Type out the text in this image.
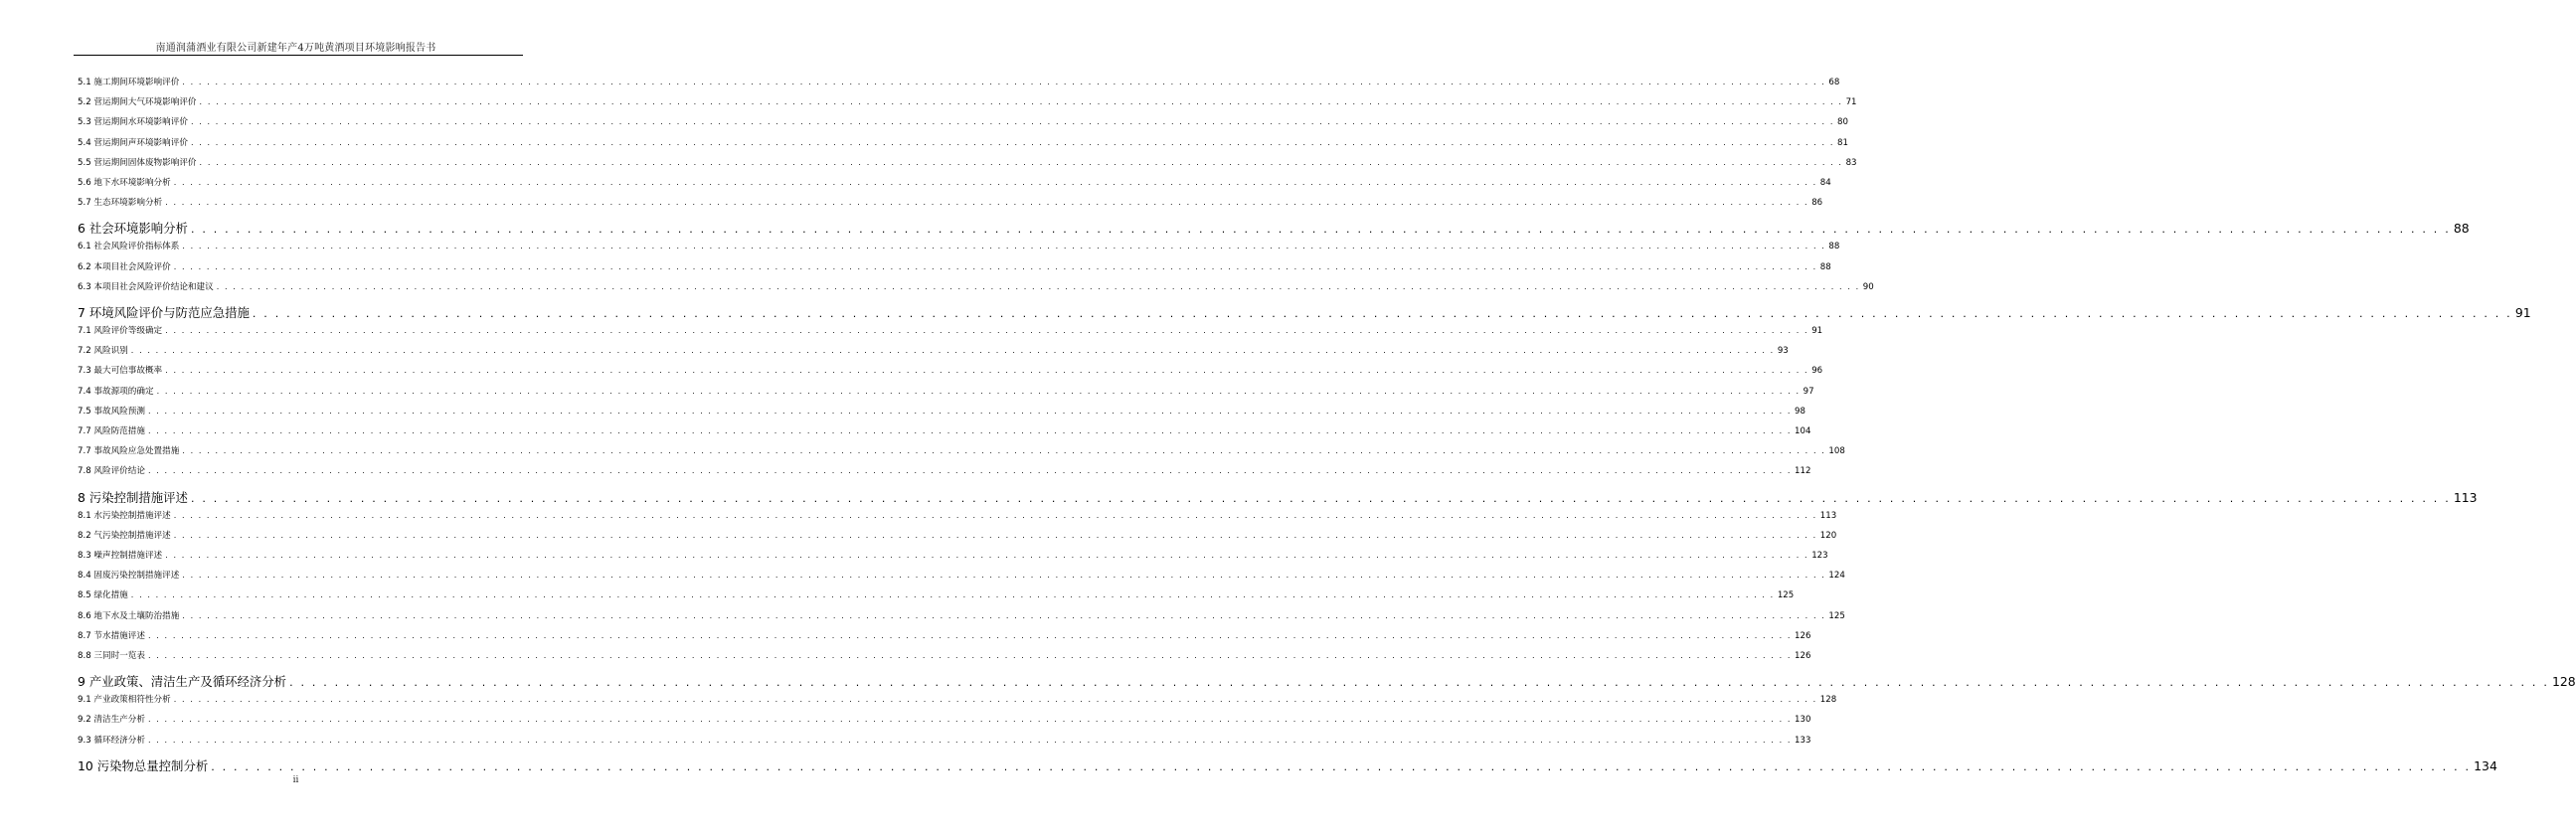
南通润蒲酒业有限公司新建年产4万吨黄酒项目环境影响报告书
5.1 施工期间环境影响评价 . . . . . . . . . . . . . . . . . . . . . . . . . . . . . . . . . . . . . . . . . . . . . . . . . . . . . . . . . . . . . . . . . . . . . . . . . . . . . . . . . . . . . . . . . . . . . . . . . . . . . . . . . . . . . . . . . . . . . . . . . . . . . . . . . . . . . . . . . . . . . . . . . . . . . . . . . . . . . . . . . . . . . . . . . . . . . . . . . . . . . . . . . . . . . . . . . . . . . . . . 68
5.2 营运期间大气环境影响评价 . . . . . . . . . . . . . . . . . . . . . . . . . . . . . . . . . . . . . . . . . . . . . . . . . . . . . . . . . . . . . . . . . . . . . . . . . . . . . . . . . . . . . . . . . . . . . . . . . . . . . . . . . . . . . . . . . . . . . . . . . . . . . . . . . . . . . . . . . . . . . . . . . . . . . . . . . . . . . . . . . . . . . . . . . . . . . . . . . . . . . . . . . . . . . . . . . . . . . . . . 71
5.3 营运期间水环境影响评价 . . . . . . . . . . . . . . . . . . . . . . . . . . . . . . . . . . . . . . . . . . . . . . . . . . . . . . . . . . . . . . . . . . . . . . . . . . . . . . . . . . . . . . . . . . . . . . . . . . . . . . . . . . . . . . . . . . . . . . . . . . . . . . . . . . . . . . . . . . . . . . . . . . . . . . . . . . . . . . . . . . . . . . . . . . . . . . . . . . . . . . . . . . . . . . . . . . . . . . . . 80
5.4 营运期间声环境影响评价 . . . . . . . . . . . . . . . . . . . . . . . . . . . . . . . . . . . . . . . . . . . . . . . . . . . . . . . . . . . . . . . . . . . . . . . . . . . . . . . . . . . . . . . . . . . . . . . . . . . . . . . . . . . . . . . . . . . . . . . . . . . . . . . . . . . . . . . . . . . . . . . . . . . . . . . . . . . . . . . . . . . . . . . . . . . . . . . . . . . . . . . . . . . . . . . . . . . . . . . . 81
5.5 营运期间固体废物影响评价 . . . . . . . . . . . . . . . . . . . . . . . . . . . . . . . . . . . . . . . . . . . . . . . . . . . . . . . . . . . . . . . . . . . . . . . . . . . . . . . . . . . . . . . . . . . . . . . . . . . . . . . . . . . . . . . . . . . . . . . . . . . . . . . . . . . . . . . . . . . . . . . . . . . . . . . . . . . . . . . . . . . . . . . . . . . . . . . . . . . . . . . . . . . . . . . . . . . . . . . . 83
5.6 地下水环境影响分析 . . . . . . . . . . . . . . . . . . . . . . . . . . . . . . . . . . . . . . . . . . . . . . . . . . . . . . . . . . . . . . . . . . . . . . . . . . . . . . . . . . . . . . . . . . . . . . . . . . . . . . . . . . . . . . . . . . . . . . . . . . . . . . . . . . . . . . . . . . . . . . . . . . . . . . . . . . . . . . . . . . . . . . . . . . . . . . . . . . . . . . . . . . . . . . . . . . . . . . . . 84
5.7 生态环境影响分析 . . . . . . . . . . . . . . . . . . . . . . . . . . . . . . . . . . . . . . . . . . . . . . . . . . . . . . . . . . . . . . . . . . . . . . . . . . . . . . . . . . . . . . . . . . . . . . . . . . . . . . . . . . . . . . . . . . . . . . . . . . . . . . . . . . . . . . . . . . . . . . . . . . . . . . . . . . . . . . . . . . . . . . . . . . . . . . . . . . . . . . . . . . . . . . . . . . . . . . . . 86
6 社会环境影响分析 . . . . . . . . . . . . . . . . . . . . . . . . . . . . . . . . . . . . . . . . . . . . . . . . . . . . . . . . . . . . . . . . . . . . . . . . . . . . . . . . . . . . . . . . . . . . . . . . . . . . . . . . . . . . . . . . . . . . . . . . . . . . . . . . . . . . . . . . . . . . . . . . . . . . . . . . . . . . . . . . . . . . . . . . . . . . . . . . . . . . . . . . . . . . . . . . . . . . . . . . 88
6.1 社会风险评价指标体系 . . . . . . . . . . . . . . . . . . . . . . . . . . . . . . . . . . . . . . . . . . . . . . . . . . . . . . . . . . . . . . . . . . . . . . . . . . . . . . . . . . . . . . . . . . . . . . . . . . . . . . . . . . . . . . . . . . . . . . . . . . . . . . . . . . . . . . . . . . . . . . . . . . . . . . . . . . . . . . . . . . . . . . . . . . . . . . . . . . . . . . . . . . . . . . . . . . . . . . . . 88
6.2 本项目社会风险评价 . . . . . . . . . . . . . . . . . . . . . . . . . . . . . . . . . . . . . . . . . . . . . . . . . . . . . . . . . . . . . . . . . . . . . . . . . . . . . . . . . . . . . . . . . . . . . . . . . . . . . . . . . . . . . . . . . . . . . . . . . . . . . . . . . . . . . . . . . . . . . . . . . . . . . . . . . . . . . . . . . . . . . . . . . . . . . . . . . . . . . . . . . . . . . . . . . . . . . . . . 88
6.3 本项目社会风险评价结论和建议 . . . . . . . . . . . . . . . . . . . . . . . . . . . . . . . . . . . . . . . . . . . . . . . . . . . . . . . . . . . . . . . . . . . . . . . . . . . . . . . . . . . . . . . . . . . . . . . . . . . . . . . . . . . . . . . . . . . . . . . . . . . . . . . . . . . . . . . . . . . . . . . . . . . . . . . . . . . . . . . . . . . . . . . . . . . . . . . . . . . . . . . . . . . . . . . . . . . . . . . . 90
7 环境风险评价与防范应急措施 . . . . . . . . . . . . . . . . . . . . . . . . . . . . . . . . . . . . . . . . . . . . . . . . . . . . . . . . . . . . . . . . . . . . . . . . . . . . . . . . . . . . . . . . . . . . . . . . . . . . . . . . . . . . . . . . . . . . . . . . . . . . . . . . . . . . . . . . . . . . . . . . . . . . . . . . . . . . . . . . . . . . . . . . . . . . . . . . . . . . . . . . . . . . . . . . . . . . . . . . 91
7.1 风险评价等级确定 . . . . . . . . . . . . . . . . . . . . . . . . . . . . . . . . . . . . . . . . . . . . . . . . . . . . . . . . . . . . . . . . . . . . . . . . . . . . . . . . . . . . . . . . . . . . . . . . . . . . . . . . . . . . . . . . . . . . . . . . . . . . . . . . . . . . . . . . . . . . . . . . . . . . . . . . . . . . . . . . . . . . . . . . . . . . . . . . . . . . . . . . . . . . . . . . . . . . . . . . 91
7.2 风险识别 . . . . . . . . . . . . . . . . . . . . . . . . . . . . . . . . . . . . . . . . . . . . . . . . . . . . . . . . . . . . . . . . . . . . . . . . . . . . . . . . . . . . . . . . . . . . . . . . . . . . . . . . . . . . . . . . . . . . . . . . . . . . . . . . . . . . . . . . . . . . . . . . . . . . . . . . . . . . . . . . . . . . . . . . . . . . . . . . . . . . . . . . . . . . . . . . . . . . . . . . 93
7.3 最大可信事故概率 . . . . . . . . . . . . . . . . . . . . . . . . . . . . . . . . . . . . . . . . . . . . . . . . . . . . . . . . . . . . . . . . . . . . . . . . . . . . . . . . . . . . . . . . . . . . . . . . . . . . . . . . . . . . . . . . . . . . . . . . . . . . . . . . . . . . . . . . . . . . . . . . . . . . . . . . . . . . . . . . . . . . . . . . . . . . . . . . . . . . . . . . . . . . . . . . . . . . . . . . 96
7.4 事故源项的确定 . . . . . . . . . . . . . . . . . . . . . . . . . . . . . . . . . . . . . . . . . . . . . . . . . . . . . . . . . . . . . . . . . . . . . . . . . . . . . . . . . . . . . . . . . . . . . . . . . . . . . . . . . . . . . . . . . . . . . . . . . . . . . . . . . . . . . . . . . . . . . . . . . . . . . . . . . . . . . . . . . . . . . . . . . . . . . . . . . . . . . . . . . . . . . . . . . . . . . . . . 97
7.5 事故风险预测 . . . . . . . . . . . . . . . . . . . . . . . . . . . . . . . . . . . . . . . . . . . . . . . . . . . . . . . . . . . . . . . . . . . . . . . . . . . . . . . . . . . . . . . . . . . . . . . . . . . . . . . . . . . . . . . . . . . . . . . . . . . . . . . . . . . . . . . . . . . . . . . . . . . . . . . . . . . . . . . . . . . . . . . . . . . . . . . . . . . . . . . . . . . . . . . . . . . . . . . . 98
7.7 风险防范措施 . . . . . . . . . . . . . . . . . . . . . . . . . . . . . . . . . . . . . . . . . . . . . . . . . . . . . . . . . . . . . . . . . . . . . . . . . . . . . . . . . . . . . . . . . . . . . . . . . . . . . . . . . . . . . . . . . . . . . . . . . . . . . . . . . . . . . . . . . . . . . . . . . . . . . . . . . . . . . . . . . . . . . . . . . . . . . . . . . . . . . . . . . . . . . . . . . . . . . . . . 104
7.7 事故风险应急处置措施 . . . . . . . . . . . . . . . . . . . . . . . . . . . . . . . . . . . . . . . . . . . . . . . . . . . . . . . . . . . . . . . . . . . . . . . . . . . . . . . . . . . . . . . . . . . . . . . . . . . . . . . . . . . . . . . . . . . . . . . . . . . . . . . . . . . . . . . . . . . . . . . . . . . . . . . . . . . . . . . . . . . . . . . . . . . . . . . . . . . . . . . . . . . . . . . . . . . . . . . . 108
7.8 风险评价结论 . . . . . . . . . . . . . . . . . . . . . . . . . . . . . . . . . . . . . . . . . . . . . . . . . . . . . . . . . . . . . . . . . . . . . . . . . . . . . . . . . . . . . . . . . . . . . . . . . . . . . . . . . . . . . . . . . . . . . . . . . . . . . . . . . . . . . . . . . . . . . . . . . . . . . . . . . . . . . . . . . . . . . . . . . . . . . . . . . . . . . . . . . . . . . . . . . . . . . . . . 112
8 污染控制措施评述 . . . . . . . . . . . . . . . . . . . . . . . . . . . . . . . . . . . . . . . . . . . . . . . . . . . . . . . . . . . . . . . . . . . . . . . . . . . . . . . . . . . . . . . . . . . . . . . . . . . . . . . . . . . . . . . . . . . . . . . . . . . . . . . . . . . . . . . . . . . . . . . . . . . . . . . . . . . . . . . . . . . . . . . . . . . . . . . . . . . . . . . . . . . . . . . . . . . . . . . . 113
8.1 水污染控制措施评述 . . . . . . . . . . . . . . . . . . . . . . . . . . . . . . . . . . . . . . . . . . . . . . . . . . . . . . . . . . . . . . . . . . . . . . . . . . . . . . . . . . . . . . . . . . . . . . . . . . . . . . . . . . . . . . . . . . . . . . . . . . . . . . . . . . . . . . . . . . . . . . . . . . . . . . . . . . . . . . . . . . . . . . . . . . . . . . . . . . . . . . . . . . . . . . . . . . . . . . . . 113
8.2 气污染控制措施评述 . . . . . . . . . . . . . . . . . . . . . . . . . . . . . . . . . . . . . . . . . . . . . . . . . . . . . . . . . . . . . . . . . . . . . . . . . . . . . . . . . . . . . . . . . . . . . . . . . . . . . . . . . . . . . . . . . . . . . . . . . . . . . . . . . . . . . . . . . . . . . . . . . . . . . . . . . . . . . . . . . . . . . . . . . . . . . . . . . . . . . . . . . . . . . . . . . . . . . . . . 120
8.3 噪声控制措施评述 . . . . . . . . . . . . . . . . . . . . . . . . . . . . . . . . . . . . . . . . . . . . . . . . . . . . . . . . . . . . . . . . . . . . . . . . . . . . . . . . . . . . . . . . . . . . . . . . . . . . . . . . . . . . . . . . . . . . . . . . . . . . . . . . . . . . . . . . . . . . . . . . . . . . . . . . . . . . . . . . . . . . . . . . . . . . . . . . . . . . . . . . . . . . . . . . . . . . . . . . 123
8.4 固废污染控制措施评述 . . . . . . . . . . . . . . . . . . . . . . . . . . . . . . . . . . . . . . . . . . . . . . . . . . . . . . . . . . . . . . . . . . . . . . . . . . . . . . . . . . . . . . . . . . . . . . . . . . . . . . . . . . . . . . . . . . . . . . . . . . . . . . . . . . . . . . . . . . . . . . . . . . . . . . . . . . . . . . . . . . . . . . . . . . . . . . . . . . . . . . . . . . . . . . . . . . . . . . . . 124
8.5 绿化措施 . . . . . . . . . . . . . . . . . . . . . . . . . . . . . . . . . . . . . . . . . . . . . . . . . . . . . . . . . . . . . . . . . . . . . . . . . . . . . . . . . . . . . . . . . . . . . . . . . . . . . . . . . . . . . . . . . . . . . . . . . . . . . . . . . . . . . . . . . . . . . . . . . . . . . . . . . . . . . . . . . . . . . . . . . . . . . . . . . . . . . . . . . . . . . . . . . . . . . . . . 125
8.6 地下水及土壤防治措施 . . . . . . . . . . . . . . . . . . . . . . . . . . . . . . . . . . . . . . . . . . . . . . . . . . . . . . . . . . . . . . . . . . . . . . . . . . . . . . . . . . . . . . . . . . . . . . . . . . . . . . . . . . . . . . . . . . . . . . . . . . . . . . . . . . . . . . . . . . . . . . . . . . . . . . . . . . . . . . . . . . . . . . . . . . . . . . . . . . . . . . . . . . . . . . . . . . . . . . . . 125
8.7 节水措施评述 . . . . . . . . . . . . . . . . . . . . . . . . . . . . . . . . . . . . . . . . . . . . . . . . . . . . . . . . . . . . . . . . . . . . . . . . . . . . . . . . . . . . . . . . . . . . . . . . . . . . . . . . . . . . . . . . . . . . . . . . . . . . . . . . . . . . . . . . . . . . . . . . . . . . . . . . . . . . . . . . . . . . . . . . . . . . . . . . . . . . . . . . . . . . . . . . . . . . . . . . 126
8.8 三同时一览表 . . . . . . . . . . . . . . . . . . . . . . . . . . . . . . . . . . . . . . . . . . . . . . . . . . . . . . . . . . . . . . . . . . . . . . . . . . . . . . . . . . . . . . . . . . . . . . . . . . . . . . . . . . . . . . . . . . . . . . . . . . . . . . . . . . . . . . . . . . . . . . . . . . . . . . . . . . . . . . . . . . . . . . . . . . . . . . . . . . . . . . . . . . . . . . . . . . . . . . . . 126
9 产业政策、清洁生产及循环经济分析 . . . . . . . . . . . . . . . . . . . . . . . . . . . . . . . . . . . . . . . . . . . . . . . . . . . . . . . . . . . . . . . . . . . . . . . . . . . . . . . . . . . . . . . . . . . . . . . . . . . . . . . . . . . . . . . . . . . . . . . . . . . . . . . . . . . . . . . . . . . . . . . . . . . . . . . . . . . . . . . . . . . . . . . . . . . . . . . . . . . . . . . . . . . . . . . . . . . . . . . . 128
9.1 产业政策相符性分析 . . . . . . . . . . . . . . . . . . . . . . . . . . . . . . . . . . . . . . . . . . . . . . . . . . . . . . . . . . . . . . . . . . . . . . . . . . . . . . . . . . . . . . . . . . . . . . . . . . . . . . . . . . . . . . . . . . . . . . . . . . . . . . . . . . . . . . . . . . . . . . . . . . . . . . . . . . . . . . . . . . . . . . . . . . . . . . . . . . . . . . . . . . . . . . . . . . . . . . . . 128
9.2 清洁生产分析 . . . . . . . . . . . . . . . . . . . . . . . . . . . . . . . . . . . . . . . . . . . . . . . . . . . . . . . . . . . . . . . . . . . . . . . . . . . . . . . . . . . . . . . . . . . . . . . . . . . . . . . . . . . . . . . . . . . . . . . . . . . . . . . . . . . . . . . . . . . . . . . . . . . . . . . . . . . . . . . . . . . . . . . . . . . . . . . . . . . . . . . . . . . . . . . . . . . . . . . . 130
9.3 循环经济分析 . . . . . . . . . . . . . . . . . . . . . . . . . . . . . . . . . . . . . . . . . . . . . . . . . . . . . . . . . . . . . . . . . . . . . . . . . . . . . . . . . . . . . . . . . . . . . . . . . . . . . . . . . . . . . . . . . . . . . . . . . . . . . . . . . . . . . . . . . . . . . . . . . . . . . . . . . . . . . . . . . . . . . . . . . . . . . . . . . . . . . . . . . . . . . . . . . . . . . . . . 133
10 污染物总量控制分析 . . . . . . . . . . . . . . . . . . . . . . . . . . . . . . . . . . . . . . . . . . . . . . . . . . . . . . . . . . . . . . . . . . . . . . . . . . . . . . . . . . . . . . . . . . . . . . . . . . . . . . . . . . . . . . . . . . . . . . . . . . . . . . . . . . . . . . . . . . . . . . . . . . . . . . . . . . . . . . . . . . . . . . . . . . . . . . . . . . . . . . . . . . . . . . . . . . . . . . . . 134
ii
